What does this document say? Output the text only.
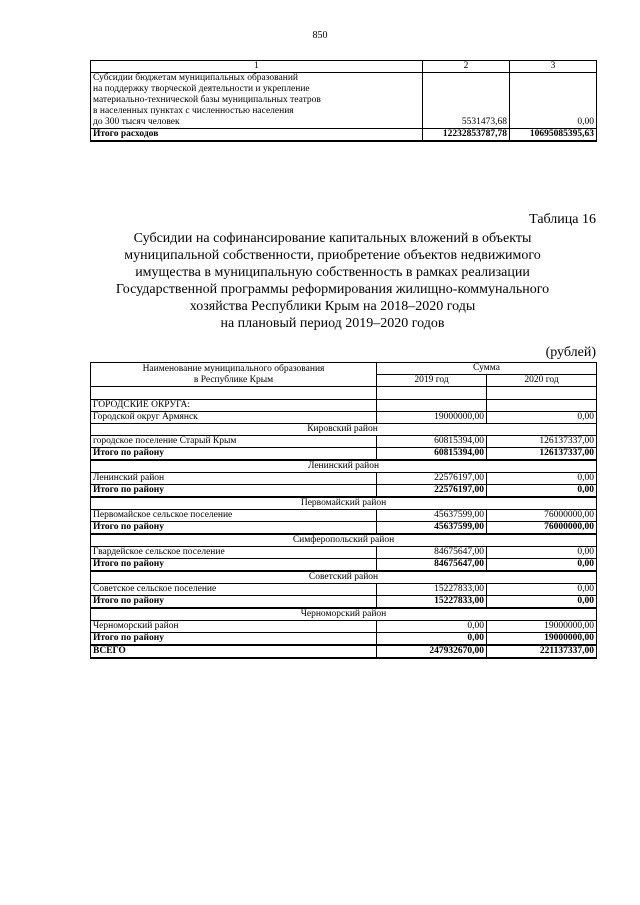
850
1	2	3

Субсидии бюджетам муниципальных образований
на поддержку творческой деятельности и укрепление
материально-технической базы муниципальных театров
в населенных пунктах с численностью населения
до 300 тысяч человек	5531473,68	0,00
Итого расходов	12232853787,78	10695085395,63
Таблица 16
Субсидии на софинансирование капитальных вложений в объекты
муниципальной собственности, приобретение объектов недвижимого
имущества в муниципальную собственность в рамках реализации
Государственной программы реформирования жилищно-коммунального
хозяйства Республики Крым на 2018–2020 годы
на плановый период 2019–2020 годов
(рублей)
Наименование муниципального образования
в Республике Крым	Сумма	
	2019 год	2020 год

ГОРОДСКИЕ ОКРУГА:		
Городской округ Армянск	19000000,00	0,00
Кировский район		
городское поселение Старый Крым	60815394,00	126137337,00
Итого по району	60815394,00	126137337,00
Ленинский район		
Ленинский район	22576197,00	0,00
Итого по району	22576197,00	0,00
Первомайский район		
Первомайское сельское поселение	45637599,00	76000000,00
Итого по району	45637599,00	76000000,00
Симферопольский район		
Гвардейское сельское поселение	84675647,00	0,00
Итого по району	84675647,00	0,00
Советский район		
Советское сельское поселение	15227833,00	0,00
Итого по району	15227833,00	0,00
Черноморский район		
Черноморский район	0,00	19000000,00
Итого по району	0,00	19000000,00
ВСЕГО	247932670,00	221137337,00
